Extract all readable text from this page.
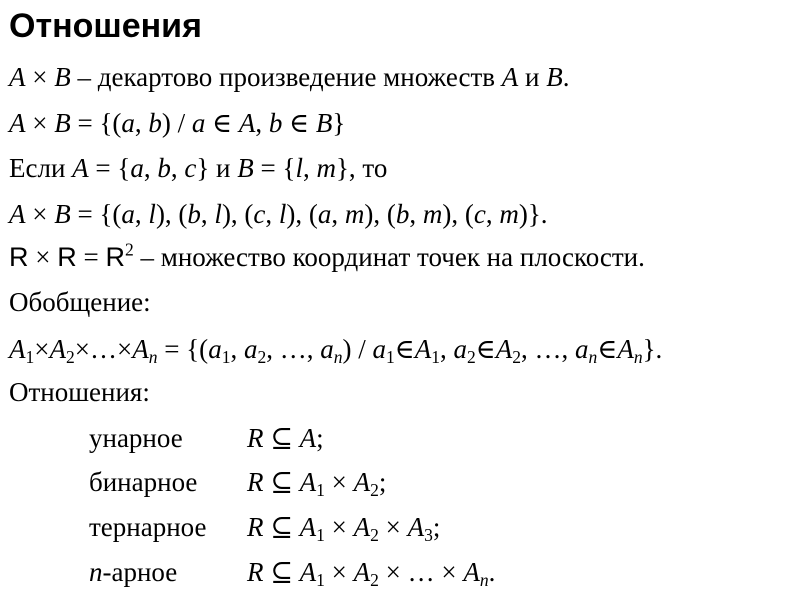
Отношения
A × B – декартово произведение множеств A и B.
A × B = {(a, b) / a ∈ A, b ∈ B}
Если A = {a, b, c} и B = {l, m}, то
A × B = {(a, l), (b, l), (c, l), (a, m), (b, m), (c, m)}.
$R \times R = R^2$ – множество координат точек на плоскости.
Обобщение:
$A_1\times A_2\times\dots\times A_n = \{(a_1$, $a_2$, …, $a_n$) / $a_1\in A_1$, $a_2\in A_2$, …, $a_n\in A_n$}.
Отношения:
унарное R ⊆ A;
бинарное R ⊆ $A_1 \times A_2$;
тернарное R ⊆ $A_1 \times A_2 \times A_3$;
n-арное	R ⊆ $A_1 \times A_2$ × … × $A_n$.
